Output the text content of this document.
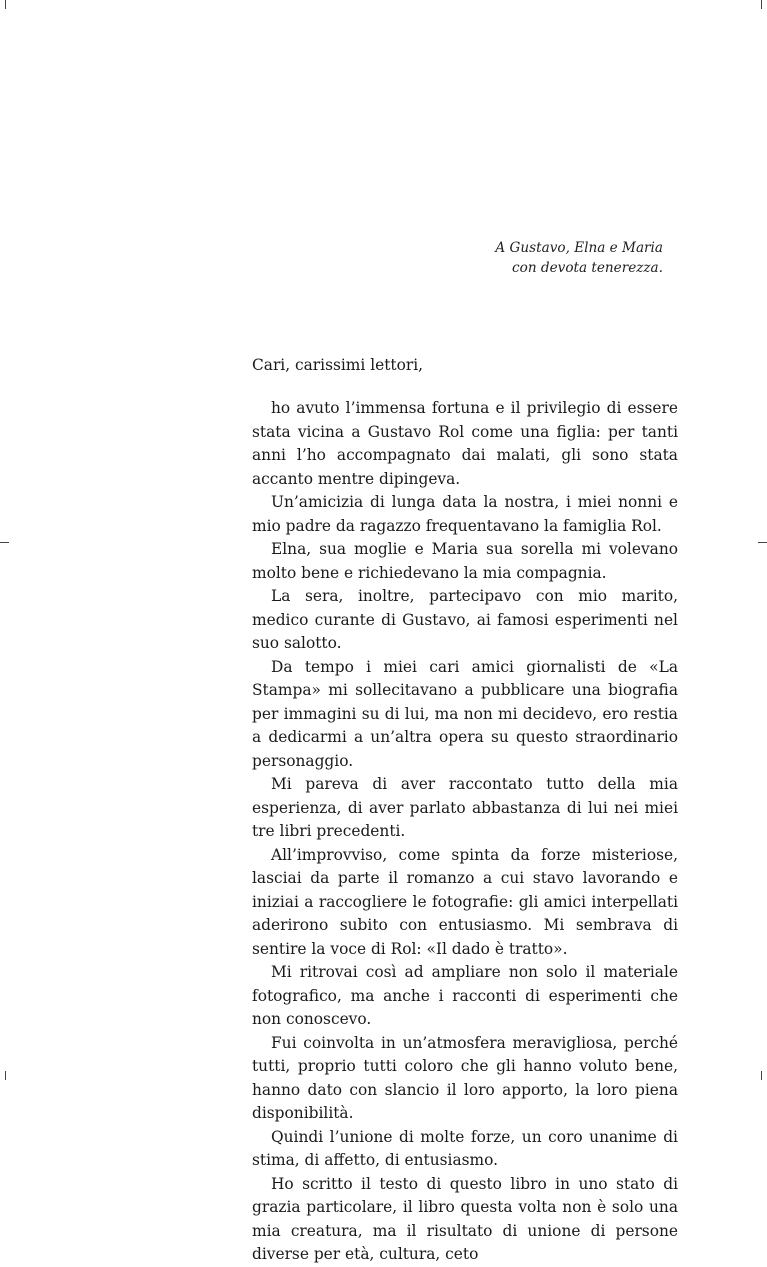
A Gustavo, Elna e Maria
con devota tenerezza.
Cari, carissimi lettori,

ho avuto l’immensa fortuna e il privilegio di essere stata vicina a Gustavo Rol come una figlia: per tanti anni l’ho accompagnato dai malati, gli sono stata accanto mentre dipingeva.

Un’amicizia di lunga data la nostra, i miei nonni e mio padre da ragazzo frequentavano la famiglia Rol.

Elna, sua moglie e Maria sua sorella mi volevano molto bene e richiedevano la mia compagnia.

La sera, inoltre, partecipavo con mio marito, medico curante di Gustavo, ai famosi esperimenti nel suo salotto.

Da tempo i miei cari amici giornalisti de «La Stampa» mi sollecitavano a pubblicare una biografia per immagini su di lui, ma non mi decidevo, ero restia a dedicarmi a un’altra opera su questo straordinario personaggio.

Mi pareva di aver raccontato tutto della mia esperienza, di aver parlato abbastanza di lui nei miei tre libri precedenti.

All’improvviso, come spinta da forze misteriose, lasciai da parte il romanzo a cui stavo lavorando e iniziai a raccogliere le fotografie: gli amici interpellati aderirono subito con entusiasmo. Mi sembrava di sentire la voce di Rol: «Il dado è tratto».

Mi ritrovai così ad ampliare non solo il materiale fotografico, ma anche i racconti di esperimenti che non conoscevo.

Fui coinvolta in un’atmosfera meravigliosa, perché tutti, proprio tutti coloro che gli hanno voluto bene, hanno dato con slancio il loro apporto, la loro piena disponibilità.

Quindi l’unione di molte forze, un coro unanime di stima, di affetto, di entusiasmo.

Ho scritto il testo di questo libro in uno stato di grazia particolare, il libro questa volta non è solo una mia creatura, ma il risultato di unione di persone diverse per età, cultura, ceto
